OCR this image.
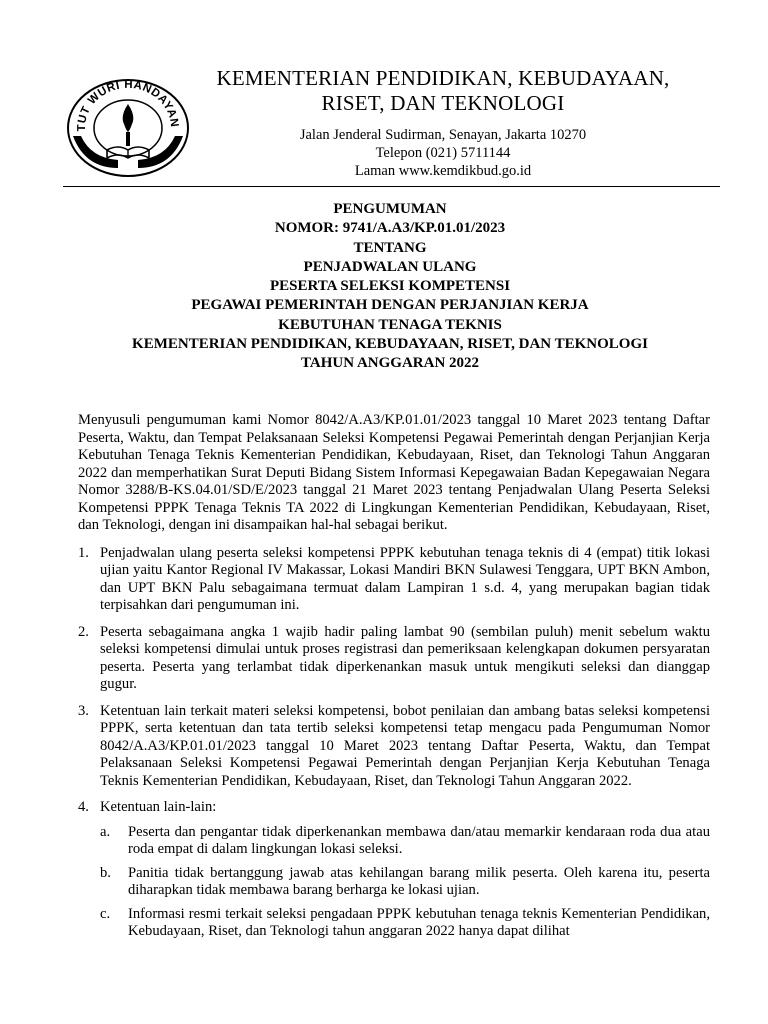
TUT WURI HANDAYAN
KEMENTERIAN PENDIDIKAN, KEBUDAYAAN,
RISET, DAN TEKNOLOGI
Jalan Jenderal Sudirman, Senayan, Jakarta 10270
Telepon (021) 5711144
Laman www.kemdikbud.go.id
PENGUMUMAN
NOMOR: 9741/A.A3/KP.01.01/2023
TENTANG
PENJADWALAN ULANG
PESERTA SELEKSI KOMPETENSI
PEGAWAI PEMERINTAH DENGAN PERJANJIAN KERJA
KEBUTUHAN TENAGA TEKNIS
KEMENTERIAN PENDIDIKAN, KEBUDAYAAN, RISET, DAN TEKNOLOGI
TAHUN ANGGARAN 2022

Menyusuli pengumuman kami Nomor 8042/A.A3/KP.01.01/2023 tanggal 10 Maret 2023 tentang Daftar Peserta, Waktu, dan Tempat Pelaksanaan Seleksi Kompetensi Pegawai Pemerintah dengan Perjanjian Kerja Kebutuhan Tenaga Teknis Kementerian Pendidikan, Kebudayaan, Riset, dan Teknologi Tahun Anggaran 2022 dan memperhatikan Surat Deputi Bidang Sistem Informasi Kepegawaian Badan Kepegawaian Negara Nomor 3288/B-KS.04.01/SD/E/2023 tanggal 21 Maret 2023 tentang Penjadwalan Ulang Peserta Seleksi Kompetensi PPPK Tenaga Teknis TA 2022 di Lingkungan Kementerian Pendidikan, Kebudayaan, Riset, dan Teknologi, dengan ini disampaikan hal-hal sebagai berikut.

1. Penjadwalan ulang peserta seleksi kompetensi PPPK kebutuhan tenaga teknis di 4 (empat) titik lokasi ujian yaitu Kantor Regional IV Makassar, Lokasi Mandiri BKN Sulawesi Tenggara, UPT BKN Ambon, dan UPT BKN Palu sebagaimana termuat dalam Lampiran 1 s.d. 4, yang merupakan bagian tidak terpisahkan dari pengumuman ini.
2. Peserta sebagaimana angka 1 wajib hadir paling lambat 90 (sembilan puluh) menit sebelum waktu seleksi kompetensi dimulai untuk proses registrasi dan pemeriksaan kelengkapan dokumen persyaratan peserta. Peserta yang terlambat tidak diperkenankan masuk untuk mengikuti seleksi dan dianggap gugur.
3. Ketentuan lain terkait materi seleksi kompetensi, bobot penilaian dan ambang batas seleksi kompetensi PPPK, serta ketentuan dan tata tertib seleksi kompetensi tetap mengacu pada Pengumuman Nomor 8042/A.A3/KP.01.01/2023 tanggal 10 Maret 2023 tentang Daftar Peserta, Waktu, dan Tempat Pelaksanaan Seleksi Kompetensi Pegawai Pemerintah dengan Perjanjian Kerja Kebutuhan Tenaga Teknis Kementerian Pendidikan, Kebudayaan, Riset, dan Teknologi Tahun Anggaran 2022.
4. Ketentuan lain-lain:
a. Peserta dan pengantar tidak diperkenankan membawa dan/atau memarkir kendaraan roda dua atau roda empat di dalam lingkungan lokasi seleksi.
b. Panitia tidak bertanggung jawab atas kehilangan barang milik peserta. Oleh karena itu, peserta diharapkan tidak membawa barang berharga ke lokasi ujian.
c. Informasi resmi terkait seleksi pengadaan PPPK kebutuhan tenaga teknis Kementerian Pendidikan, Kebudayaan, Riset, dan Teknologi tahun anggaran 2022 hanya dapat dilihat
